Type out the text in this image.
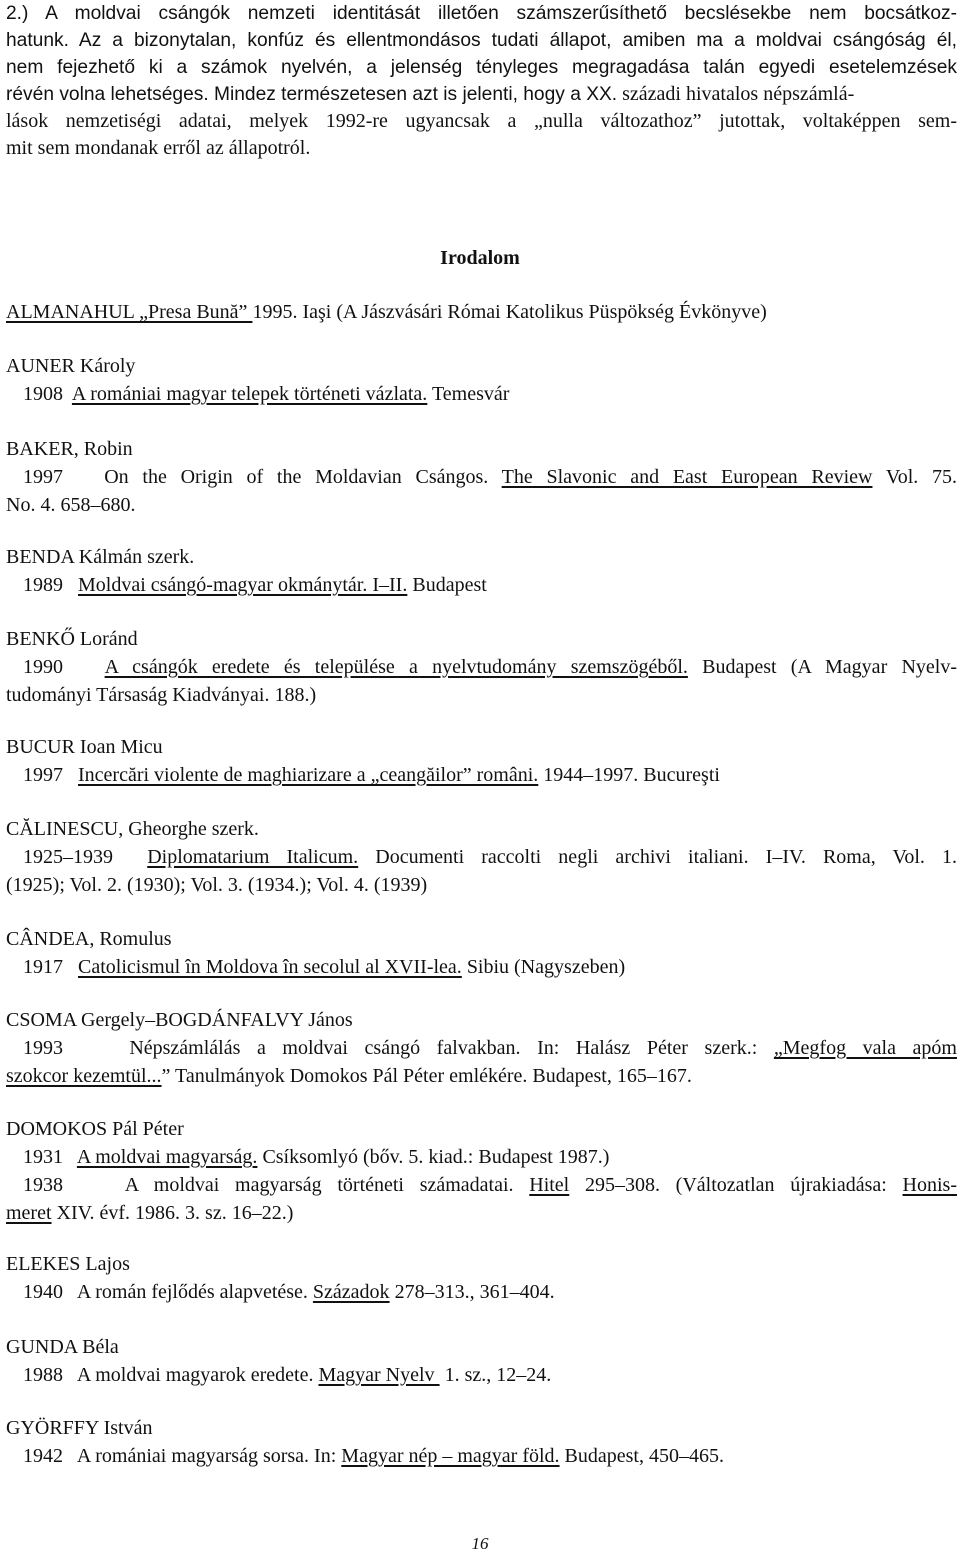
2.) A moldvai csángók nemzeti identitását illetően számszerűsíthető becslésekbe nem bocsátkoz-
hatunk. Az a bizonytalan, konfúz és ellentmondásos tudati állapot, amiben ma a moldvai csángóság él,
nem fejezhető ki a számok nyelvén, a jelenség tényleges megragadása talán egyedi esetelemzések
révén volna lehetséges. Mindez természetesen azt is jelenti, hogy a XX. századi hivatalos népszámlá-
lások nemzetiségi adatai, melyek 1992-re ugyancsak a „nulla változathoz” jutottak, voltaképpen sem-
mit sem mondanak erről az állapotról.
Irodalom
ALMANAHUL „Presa Bună” 1995. Iaşi (A Jászvásári Római Katolikus Püspökség Évkönyve)
AUNER Károly
1908  A romániai magyar telepek történeti vázlata. Temesvár
BAKER, Robin
1997   On the Origin of the Moldavian Csángos. The Slavonic and East European Review Vol. 75.
No. 4. 658–680.
BENDA Kálmán szerk.
1989   Moldvai csángó-magyar okmánytár. I–II. Budapest
BENKŐ Loránd
1990   A csángók eredete és települése a nyelvtudomány szemszögéből. Budapest (A Magyar Nyelv-
tudományi Társaság Kiadványai. 188.)
BUCUR Ioan Micu
1997   Incercări violente de maghiarizare a „ceangăilor” români. 1944–1997. Bucureşti
CĂLINESCU, Gheorghe szerk.
1925–1939  Diplomatarium Italicum. Documenti raccolti negli archivi italiani. I–IV. Roma, Vol. 1.
(1925); Vol. 2. (1930); Vol. 3. (1934.); Vol. 4. (1939)
CÂNDEA, Romulus
1917   Catolicismul în Moldova în secolul al XVII-lea. Sibiu (Nagyszeben)
CSOMA Gergely–BOGDÁNFALVY János
1993    Népszámlálás a moldvai csángó falvakban. In: Halász Péter szerk.: „Megfog vala apóm
szokcor kezemtül...” Tanulmányok Domokos Pál Péter emlékére. Budapest, 165–167.
DOMOKOS Pál Péter
1931   A moldvai magyarság. Csíksomlyó (bőv. 5. kiad.: Budapest 1987.)
1938    A moldvai magyarság történeti számadatai. Hitel 295–308. (Változatlan újrakiadása: Honis-
meret XIV. évf. 1986. 3. sz. 16–22.)
ELEKES Lajos
1940   A román fejlődés alapvetése. Századok 278–313., 361–404.
GUNDA Béla
1988   A moldvai magyarok eredete. Magyar Nyelv  1. sz., 12–24.
GYÖRFFY István
1942   A romániai magyarság sorsa. In: Magyar nép – magyar föld. Budapest, 450–465.
16
